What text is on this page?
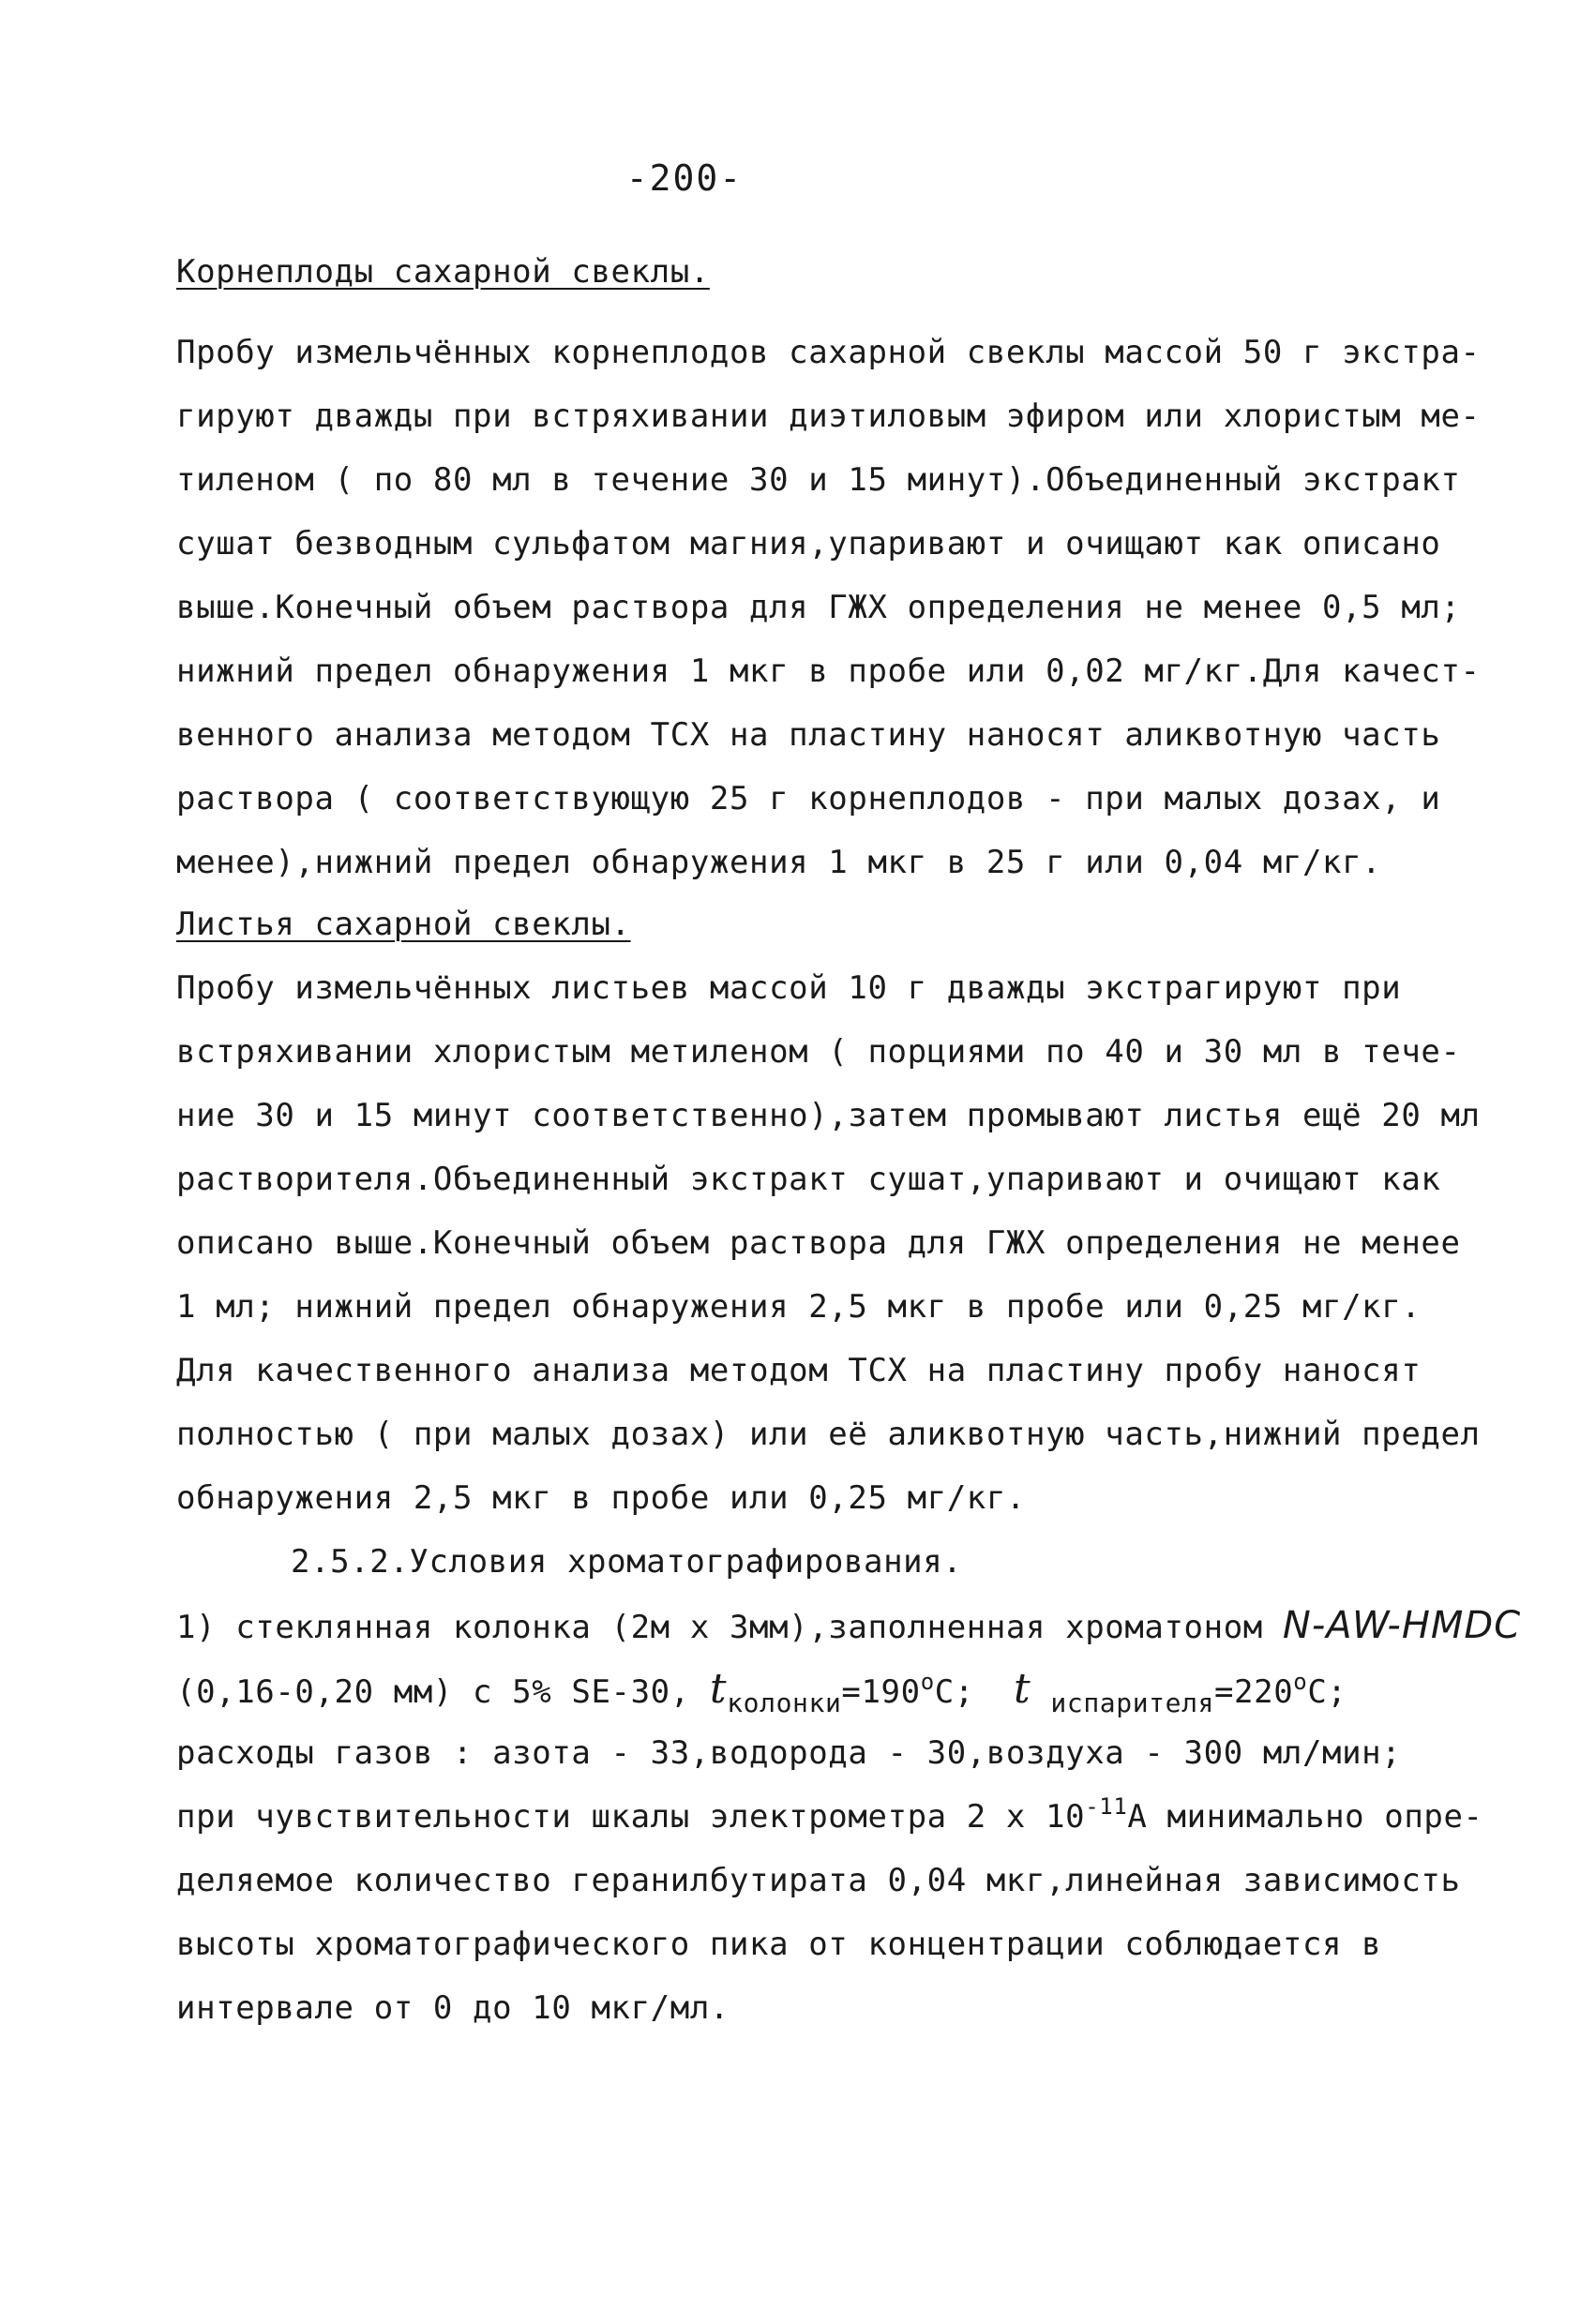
-200-
Корнеплоды сахарной свеклы.
Пробу измельчённых корнеплодов сахарной свеклы массой 50 г экстра-
гируют дважды при встряхивании диэтиловым эфиром или хлористым ме-
тиленом ( по 80 мл в течение 30 и 15 минут).Объединенный экстракт
сушат безводным сульфатом магния,упаривают и очищают как описано
выше.Конечный объем раствора для ГЖХ определения не менее 0,5 мл;
нижний предел обнаружения 1 мкг в пробе или 0,02 мг/кг.Для качест-
венного анализа методом ТСХ на пластину наносят аликвотную часть
раствора ( соответствующую 25 г корнеплодов - при малых дозах, и
менее),нижний предел обнаружения 1 мкг в 25 г или 0,04 мг/кг.
Листья сахарной свеклы.
Пробу измельчённых листьев массой 10 г дважды экстрагируют при
встряхивании хлористым метиленом ( порциями по 40 и 30 мл в тече-
ние 30 и 15 минут соответственно),затем промывают листья ещё 20 мл
растворителя.Объединенный экстракт сушат,упаривают и очищают как
описано выше.Конечный объем раствора для ГЖХ определения не менее
1 мл; нижний предел обнаружения 2,5 мкг в пробе или 0,25 мг/кг.
Для качественного анализа методом ТСХ на пластину пробу наносят
полностью ( при малых дозах) или её аликвотную часть,нижний предел
обнаружения 2,5 мкг в пробе или 0,25 мг/кг.
2.5.2.Условия хроматографирования.
1) стеклянная колонка (2м х 3мм),заполненная хроматоном N-AW-HMDC
(0,16-0,20 мм) с 5% SE-30, $t_{колонки}=190^oC$; t $_{испарителя}=220^oC$;
расходы газов : азота - 33,водорода - 30,воздуха - 300 мл/мин;
при чувствительности шкалы электрометра 2 х $10^{-11}А$ минимально опре-
деляемое количество геранилбутирата 0,04 мкг,линейная зависимость
высоты хроматографического пика от концентрации соблюдается в
интервале от 0 до 10 мкг/мл.
